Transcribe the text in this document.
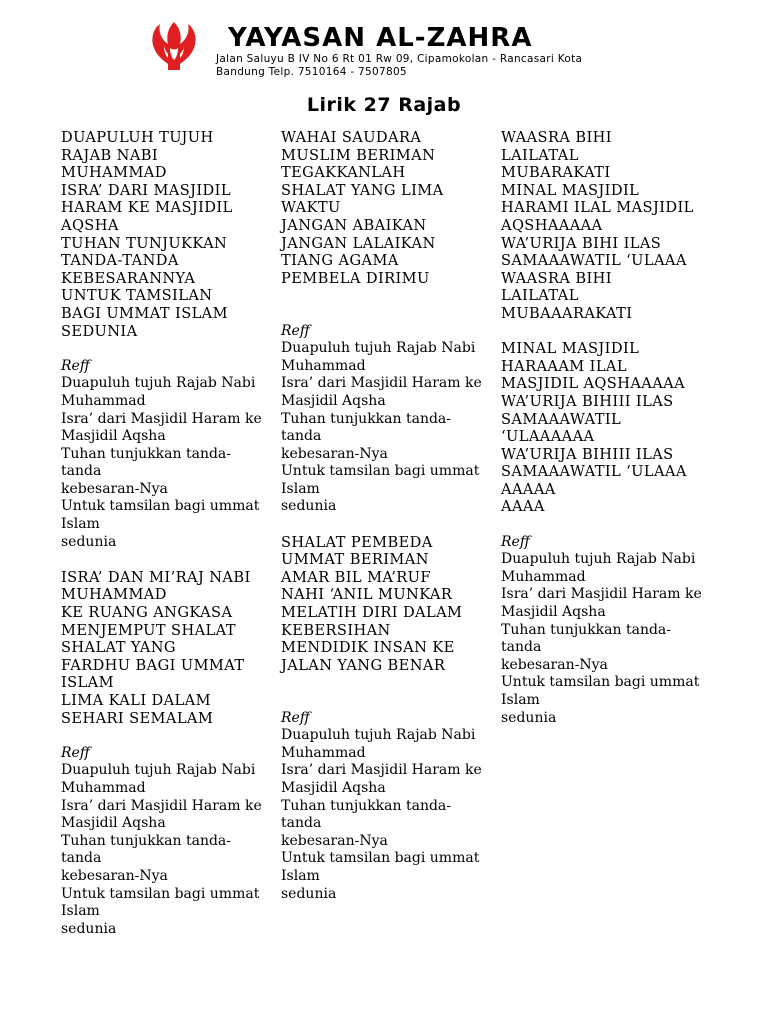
YAYASAN AL-ZAHRA
Jalan Saluyu B IV No 6 Rt 01 Rw 09, Cipamokolan - Rancasari Kota
Bandung Telp. 7510164 - 7507805
Lirik 27 Rajab
DUAPULUH TUJUH
RAJAB NABI
MUHAMMAD
ISRA’ DARI MASJIDIL
HARAM KE MASJIDIL
AQSHA
TUHAN TUNJUKKAN
TANDA-TANDA
KEBESARANNYA
UNTUK TAMSILAN
BAGI UMMAT ISLAM
SEDUNIA
Reff
Duapuluh tujuh Rajab Nabi
Muhammad
Isra’ dari Masjidil Haram ke
Masjidil Aqsha
Tuhan tunjukkan tanda-
tanda
kebesaran-Nya
Untuk tamsilan bagi ummat
Islam
sedunia
ISRA’ DAN MI’RAJ NABI
MUHAMMAD
KE RUANG ANGKASA
MENJEMPUT SHALAT
SHALAT YANG
FARDHU BAGI UMMAT
ISLAM
LIMA KALI DALAM
SEHARI SEMALAM
Reff
Duapuluh tujuh Rajab Nabi
Muhammad
Isra’ dari Masjidil Haram ke
Masjidil Aqsha
Tuhan tunjukkan tanda-
tanda
kebesaran-Nya
Untuk tamsilan bagi ummat
Islam
sedunia
WAHAI SAUDARA
MUSLIM BERIMAN
TEGAKKANLAH
SHALAT YANG LIMA
WAKTU
JANGAN ABAIKAN
JANGAN LALAIKAN
TIANG AGAMA
PEMBELA DIRIMU
Reff
Duapuluh tujuh Rajab Nabi
Muhammad
Isra’ dari Masjidil Haram ke
Masjidil Aqsha
Tuhan tunjukkan tanda-
tanda
kebesaran-Nya
Untuk tamsilan bagi ummat
Islam
sedunia
SHALAT PEMBEDA
UMMAT BERIMAN
AMAR BIL MA’RUF
NAHI ‘ANIL MUNKAR
MELATIH DIRI DALAM
KEBERSIHAN
MENDIDIK INSAN KE
JALAN YANG BENAR
Reff
Duapuluh tujuh Rajab Nabi
Muhammad
Isra’ dari Masjidil Haram ke
Masjidil Aqsha
Tuhan tunjukkan tanda-
tanda
kebesaran-Nya
Untuk tamsilan bagi ummat
Islam
sedunia
WAASRA BIHI
LAILATAL
MUBARAKATI
MINAL MASJIDIL
HARAMI ILAL MASJIDIL
AQSHAAAAA
WA’URIJA BIHI ILAS
SAMAAAWATIL ‘ULAAA
WAASRA BIHI
LAILATAL
MUBAAARAKATI
MINAL MASJIDIL
HARAAAM ILAL
MASJIDIL AQSHAAAAA
WA’URIJA BIHIII ILAS
SAMAAAWATIL
‘ULAAAAAA
WA’URIJA BIHIII ILAS
SAMAAAWATIL ‘ULAAA
AAAAA
AAAA
Reff
Duapuluh tujuh Rajab Nabi
Muhammad
Isra’ dari Masjidil Haram ke
Masjidil Aqsha
Tuhan tunjukkan tanda-
tanda
kebesaran-Nya
Untuk tamsilan bagi ummat
Islam
sedunia
